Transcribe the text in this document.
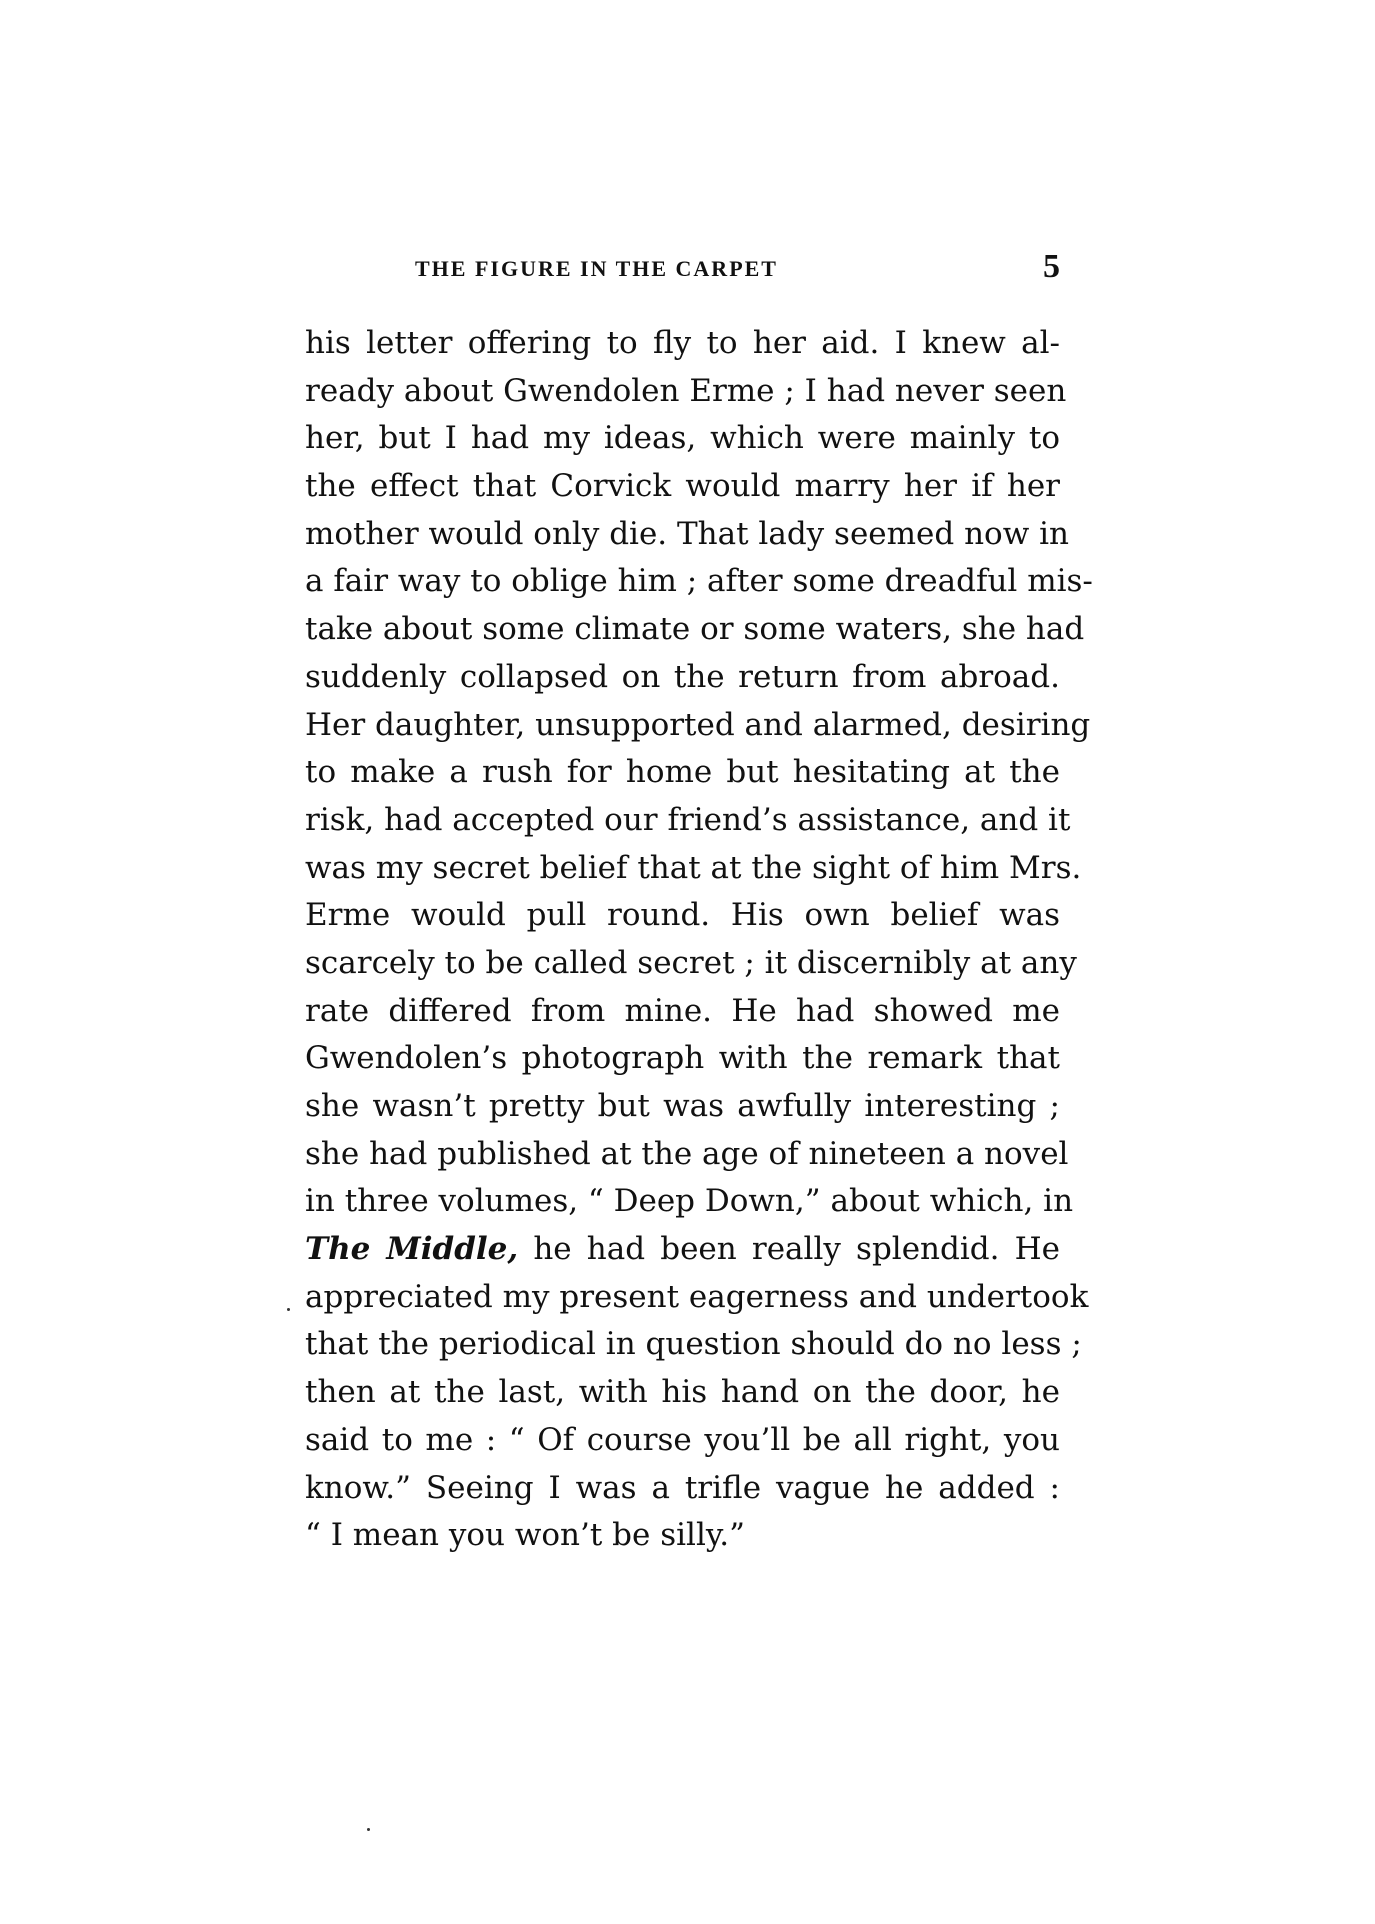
THE FIGURE IN THE CARPET	5
his letter offering to fly to her aid. I knew al-
ready about Gwendolen Erme ; I had never seen
her, but I had my ideas, which were mainly to
the effect that Corvick would marry her if her
mother would only die. That lady seemed now in
a fair way to oblige him ; after some dreadful mis-
take about some climate or some waters, she had
suddenly collapsed on the return from abroad.
Her daughter, unsupported and alarmed, desiring
to make a rush for home but hesitating at the
risk, had accepted our friend’s assistance, and it
was my secret belief that at the sight of him Mrs.
Erme would pull round. His own belief was
scarcely to be called secret ; it discernibly at any
rate differed from mine. He had showed me
Gwendolen’s photograph with the remark that
she wasn’t pretty but was awfully interesting ;
she had published at the age of nineteen a novel
in three volumes, “ Deep Down,” about which, in
The Middle, he had been really splendid. He
appreciated my present eagerness and undertook
that the periodical in question should do no less ;
then at the last, with his hand on the door, he
said to me : “ Of course you’ll be all right, you
know.” Seeing I was a trifle vague he added :
“ I mean you won’t be silly.”
